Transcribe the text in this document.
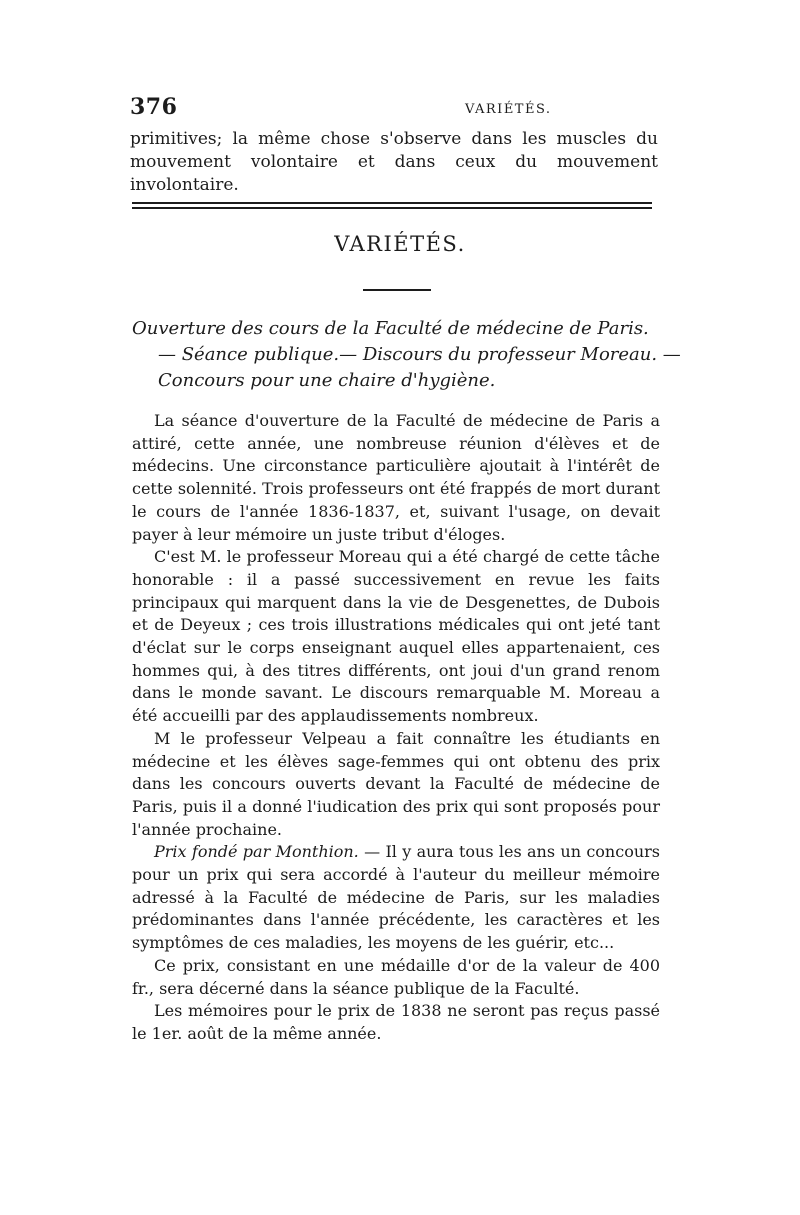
376	VARIÉTÉS.
primitives; la même chose s'observe dans les muscles du mouvement volontaire et dans ceux du mouvement involontaire.
VARIÉTÉS.
Ouverture des cours de la Faculté de médecine de Paris.
— Séance publique.— Discours du professeur Moreau. —
Concours pour une chaire d'hygiène.

La séance d'ouverture de la Faculté de médecine de Paris a attiré, cette année, une nombreuse réunion d'élèves et de médecins. Une circonstance particulière ajoutait à l'intérêt de cette solennité. Trois professeurs ont été frappés de mort durant le cours de l'année 1836-1837, et, suivant l'usage, on devait payer à leur mémoire un juste tribut d'éloges.

C'est M. le professeur Moreau qui a été chargé de cette tâche honorable : il a passé successivement en revue les faits principaux qui marquent dans la vie de Desgenettes, de Dubois et de Deyeux ; ces trois illustrations médicales qui ont jeté tant d'éclat sur le corps enseignant auquel elles appartenaient, ces hommes qui, à des titres différents, ont joui d'un grand renom dans le monde savant. Le discours remarquable M. Moreau a été accueilli par des applaudissements nombreux.

M le professeur Velpeau a fait connaître les étudiants en médecine et les élèves sage-femmes qui ont obtenu des prix dans les concours ouverts devant la Faculté de médecine de Paris, puis il a donné l'iudication des prix qui sont proposés pour l'année prochaine.

Prix fondé par Monthion. — Il y aura tous les ans un concours pour un prix qui sera accordé à l'auteur du meilleur mémoire adressé à la Faculté de médecine de Paris, sur les maladies prédominantes dans l'année précédente, les caractères et les symptômes de ces maladies, les moyens de les guérir, etc...

Ce prix, consistant en une médaille d'or de la valeur de 400 fr., sera décerné dans la séance publique de la Faculté.

Les mémoires pour le prix de 1838 ne seront pas reçus passé le 1er. août de la même année.
